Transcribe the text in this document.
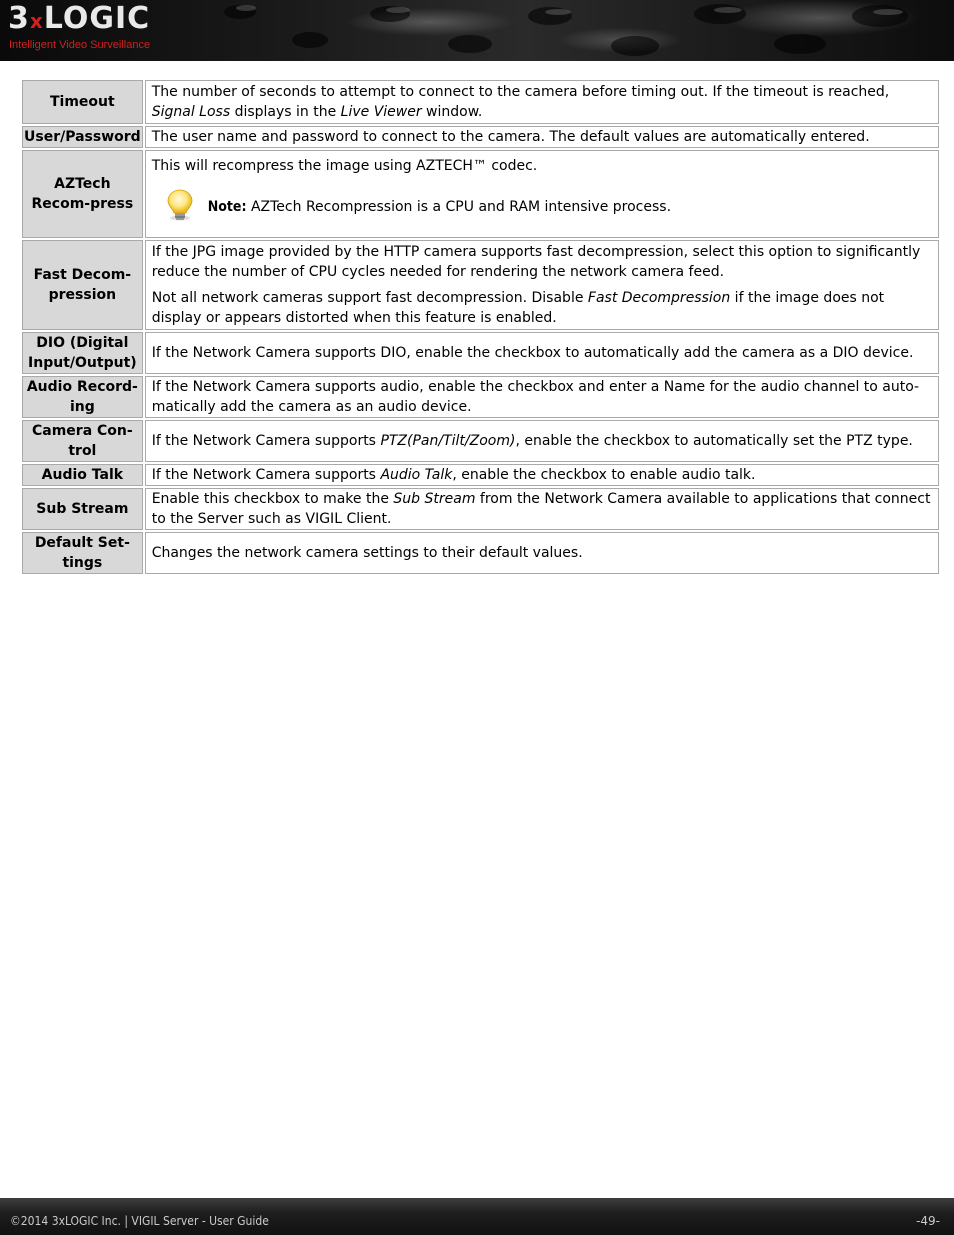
3xLOGIC
Intelligent Video Surveillance
Timeout	The number of seconds to attempt to connect to the camera before timing out. If the timeout is reached, Signal Loss displays in the Live Viewer window.

User/Password	The user name and password to connect to the camera. The default values are automatically entered.
AZTech Recom-press	This will recompress the image using AZTECH™ codec.

Note: AZTech Recompression is a CPU and RAM intensive process.

Fast Decom-pression	If the JPG image provided by the HTTP camera supports fast decompression, select this option to significantly reduce the number of CPU cycles needed for rendering the network camera feed.

Not all network cameras support fast decompression. Disable Fast Decompression if the image does not display or appears distorted when this feature is enabled.

DIO (Digital Input/Output)	If the Network Camera supports DIO, enable the checkbox to automatically add the camera as a DIO device.
Audio Record-ing	If the Network Camera supports audio, enable the checkbox and enter a Name for the audio channel to auto-matically add the camera as an audio device.
Camera Con-trol	If the Network Camera supports PTZ(Pan/Tilt/Zoom), enable the checkbox to automatically set the PTZ type.
Audio Talk	If the Network Camera supports Audio Talk, enable the checkbox to enable audio talk.
Sub Stream	Enable this checkbox to make the Sub Stream from the Network Camera available to applications that connect to the Server such as VIGIL Client.
Default Set-tings	Changes the network camera settings to their default values.
©2014 3xLOGIC Inc. | VIGIL Server - User Guide	-49-
